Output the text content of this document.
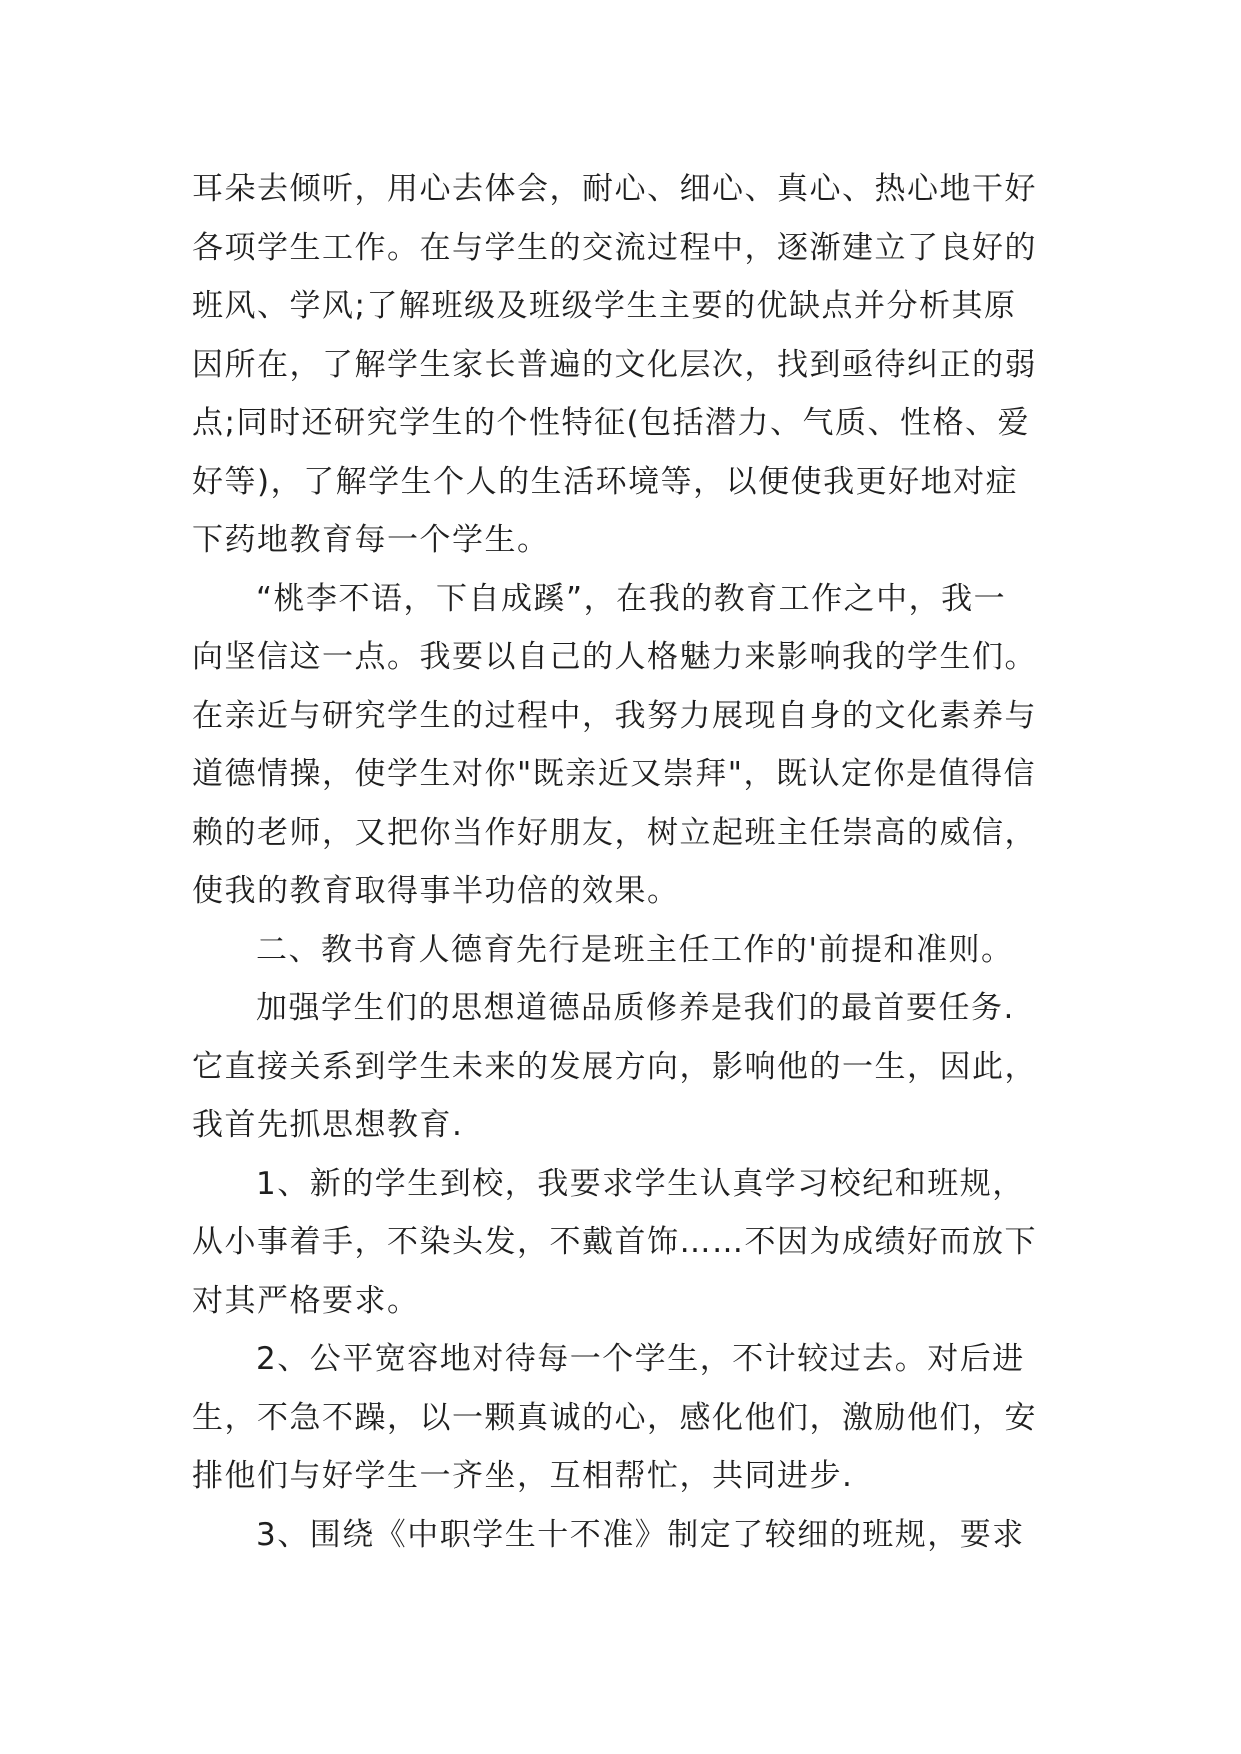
耳朵去倾听，用心去体会，耐心、细心、真心、热心地干好
各项学生工作。在与学生的交流过程中，逐渐建立了良好的
班风、学风;了解班级及班级学生主要的优缺点并分析其原
因所在，了解学生家长普遍的文化层次，找到亟待纠正的弱
点;同时还研究学生的个性特征(包括潜力、气质、性格、爱
好等)，了解学生个人的生活环境等，以便使我更好地对症
下药地教育每一个学生。
“桃李不语，下自成蹊”，在我的教育工作之中，我一
向坚信这一点。我要以自己的人格魅力来影响我的学生们。
在亲近与研究学生的过程中，我努力展现自身的文化素养与
道德情操，使学生对你"既亲近又崇拜"，既认定你是值得信
赖的老师，又把你当作好朋友，树立起班主任崇高的威信，
使我的教育取得事半功倍的效果。
二、教书育人德育先行是班主任工作的'前提和准则。
加强学生们的思想道德品质修养是我们的最首要任务.
它直接关系到学生未来的发展方向，影响他的一生，因此，
我首先抓思想教育.
1、新的学生到校，我要求学生认真学习校纪和班规，
从小事着手，不染头发，不戴首饰……不因为成绩好而放下
对其严格要求。
2、公平宽容地对待每一个学生，不计较过去。对后进
生，不急不躁，以一颗真诚的心，感化他们，激励他们，安
排他们与好学生一齐坐，互相帮忙，共同进步.
3、围绕《中职学生十不准》制定了较细的班规，要求
